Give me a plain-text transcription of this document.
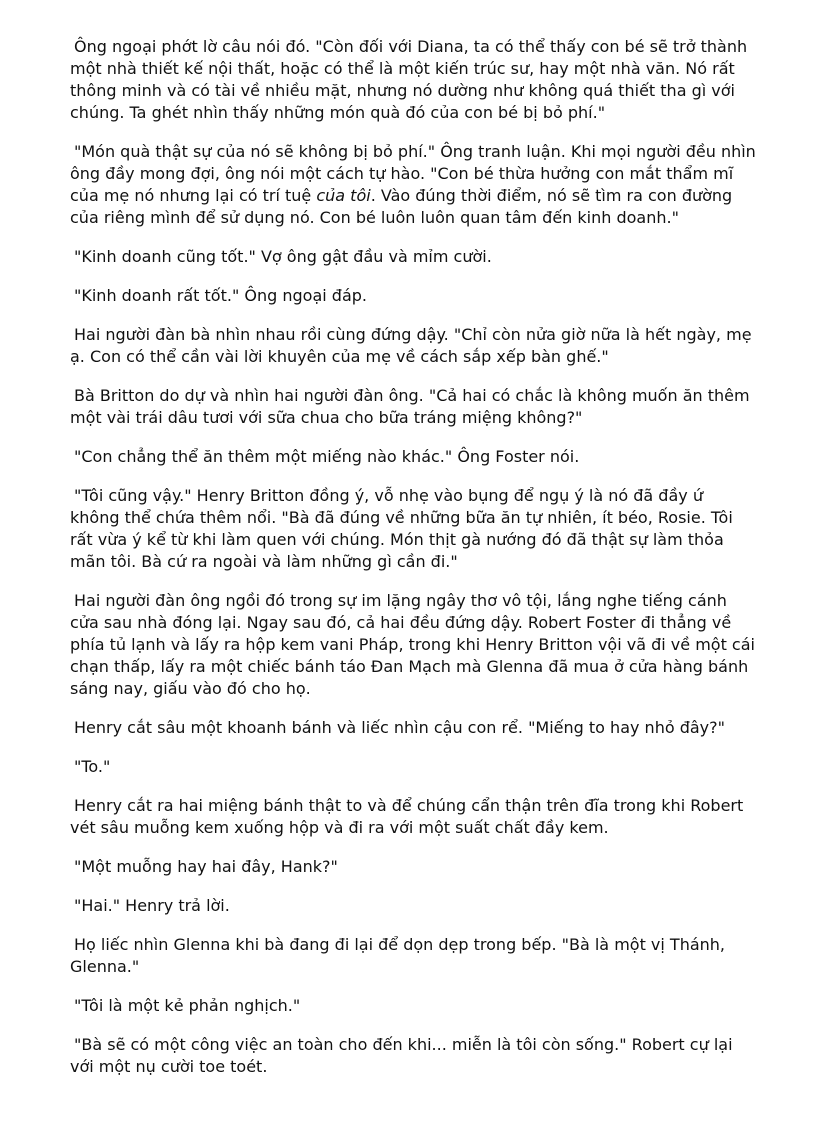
Ông ngoại phớt lờ câu nói đó. "Còn đối với Diana, ta có thể thấy con bé sẽ trở thành một nhà thiết kế nội thất, hoặc có thể là một kiến trúc sư, hay một nhà văn. Nó rất thông minh và có tài về nhiều mặt, nhưng nó dường như không quá thiết tha gì với chúng. Ta ghét nhìn thấy những món quà đó của con bé bị bỏ phí."

"Món quà thật sự của nó sẽ không bị bỏ phí." Ông tranh luận. Khi mọi người đều nhìn ông đầy mong đợi, ông nói một cách tự hào. "Con bé thừa hưởng con mắt thẩm mĩ của mẹ nó nhưng lại có trí tuệ của tôi. Vào đúng thời điểm, nó sẽ tìm ra con đường của riêng mình để sử dụng nó. Con bé luôn luôn quan tâm đến kinh doanh."

"Kinh doanh cũng tốt." Vợ ông gật đầu và mỉm cười.

"Kinh doanh rất tốt." Ông ngoại đáp.

Hai người đàn bà nhìn nhau rồi cùng đứng dậy. "Chỉ còn nửa giờ nữa là hết ngày, mẹ ạ. Con có thể cần vài lời khuyên của mẹ về cách sắp xếp bàn ghế."

Bà Britton do dự và nhìn hai người đàn ông. "Cả hai có chắc là không muốn ăn thêm một vài trái dâu tươi với sữa chua cho bữa tráng miệng không?"

"Con chẳng thể ăn thêm một miếng nào khác." Ông Foster nói.

"Tôi cũng vậy." Henry Britton đồng ý, vỗ nhẹ vào bụng để ngụ ý là nó đã đầy ứ không thể chứa thêm nổi. "Bà đã đúng về những bữa ăn tự nhiên, ít béo, Rosie. Tôi rất vừa ý kể từ khi làm quen với chúng. Món thịt gà nướng đó đã thật sự làm thỏa mãn tôi. Bà cứ ra ngoài và làm những gì cần đi."

Hai người đàn ông ngồi đó trong sự im lặng ngây thơ vô tội, lắng nghe tiếng cánh cửa sau nhà đóng lại. Ngay sau đó, cả hai đều đứng dậy. Robert Foster đi thẳng về phía tủ lạnh và lấy ra hộp kem vani Pháp, trong khi Henry Britton vội vã đi về một cái chạn thấp, lấy ra một chiếc bánh táo Đan Mạch mà Glenna đã mua ở cửa hàng bánh sáng nay, giấu vào đó cho họ.

Henry cắt sâu một khoanh bánh và liếc nhìn cậu con rể. "Miếng to hay nhỏ đây?"

"To."

Henry cắt ra hai miệng bánh thật to và để chúng cẩn thận trên đĩa trong khi Robert vét sâu muỗng kem xuống hộp và đi ra với một suất chất đầy kem.

"Một muỗng hay hai đây, Hank?"

"Hai." Henry trả lời.

Họ liếc nhìn Glenna khi bà đang đi lại để dọn dẹp trong bếp. "Bà là một vị Thánh, Glenna."

"Tôi là một kẻ phản nghịch."

"Bà sẽ có một công việc an toàn cho đến khi... miễn là tôi còn sống." Robert cự lại với một nụ cười toe toét.
